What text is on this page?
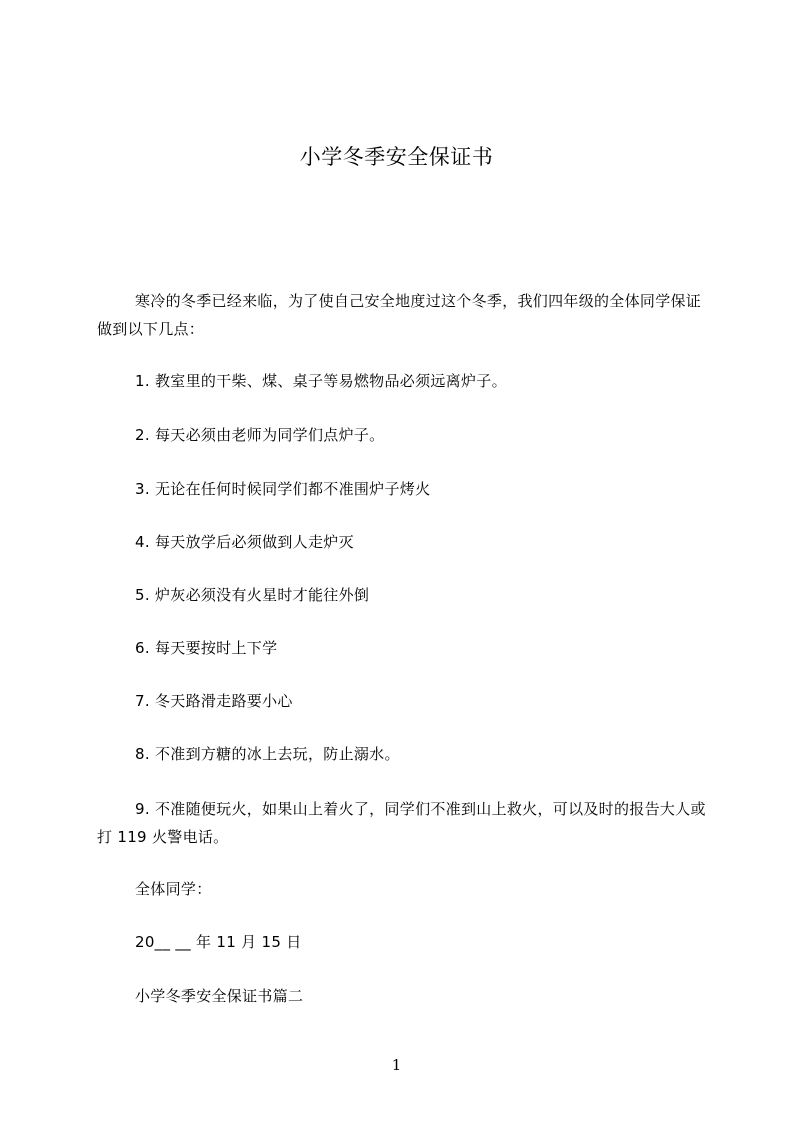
小学冬季安全保证书
寒冷的冬季已经来临，为了使自己安全地度过这个冬季，我们四年级的全体同学保证做到以下几点：
1. 教室里的干柴、煤、桌子等易燃物品必须远离炉子。
2. 每天必须由老师为同学们点炉子。
3. 无论在任何时候同学们都不准围炉子烤火
4. 每天放学后必须做到人走炉灭
5. 炉灰必须没有火星时才能往外倒
6. 每天要按时上下学
7. 冬天路滑走路要小心
8. 不准到方糖的冰上去玩，防止溺水。
9. 不准随便玩火，如果山上着火了，同学们不准到山上救火，可以及时的报告大人或打 119 火警电话。
全体同学：
20__ __ 年 11 月 15 日
小学冬季安全保证书篇二
1
